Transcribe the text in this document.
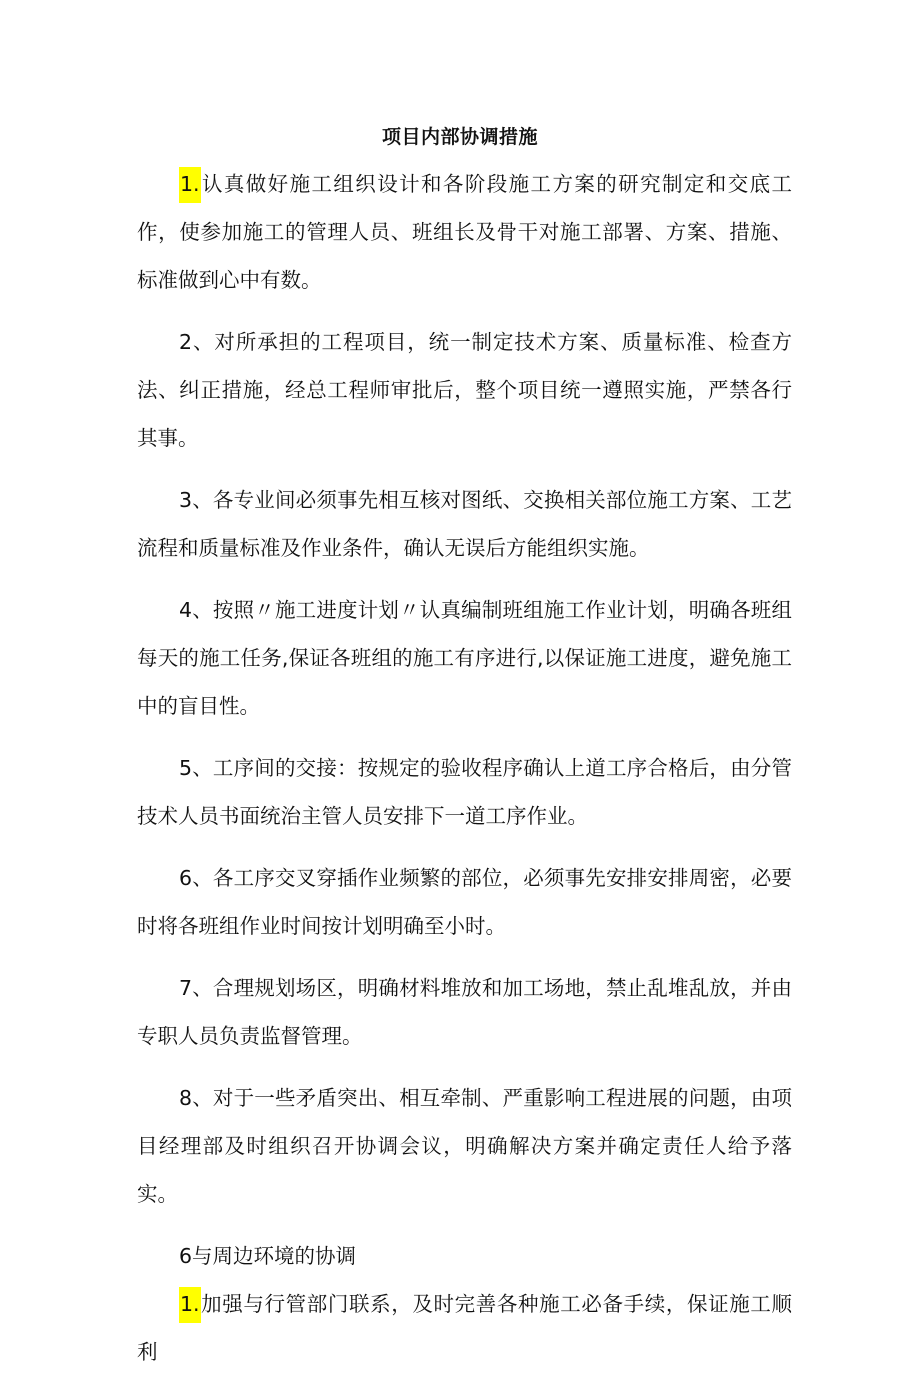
项目内部协调措施

1.认真做好施工组织设计和各阶段施工方案的研究制定和交底工作，使参加施工的管理人员、班组长及骨干对施工部署、方案、措施、标准做到心中有数。

2、对所承担的工程项目，统一制定技术方案、质量标准、检查方法、纠正措施，经总工程师审批后，整个项目统一遵照实施，严禁各行其事。

3、各专业间必须事先相互核对图纸、交换相关部位施工方案、工艺流程和质量标准及作业条件，确认无误后方能组织实施。

4、按照〃施工进度计划〃认真编制班组施工作业计划，明确各班组每天的施工任务,保证各班组的施工有序进行,以保证施工进度，避免施工中的盲目性。

5、工序间的交接：按规定的验收程序确认上道工序合格后，由分管技术人员书面统治主管人员安排下一道工序作业。

6、各工序交叉穿插作业频繁的部位，必须事先安排安排周密，必要时将各班组作业时间按计划明确至小时。

7、合理规划场区，明确材料堆放和加工场地，禁止乱堆乱放，并由专职人员负责监督管理。

8、对于一些矛盾突出、相互牵制、严重影响工程进展的问题，由项目经理部及时组织召开协调会议，明确解决方案并确定责任人给予落实。

6与周边环境的协调

1.加强与行管部门联系，及时完善各种施工必备手续，保证施工顺利
